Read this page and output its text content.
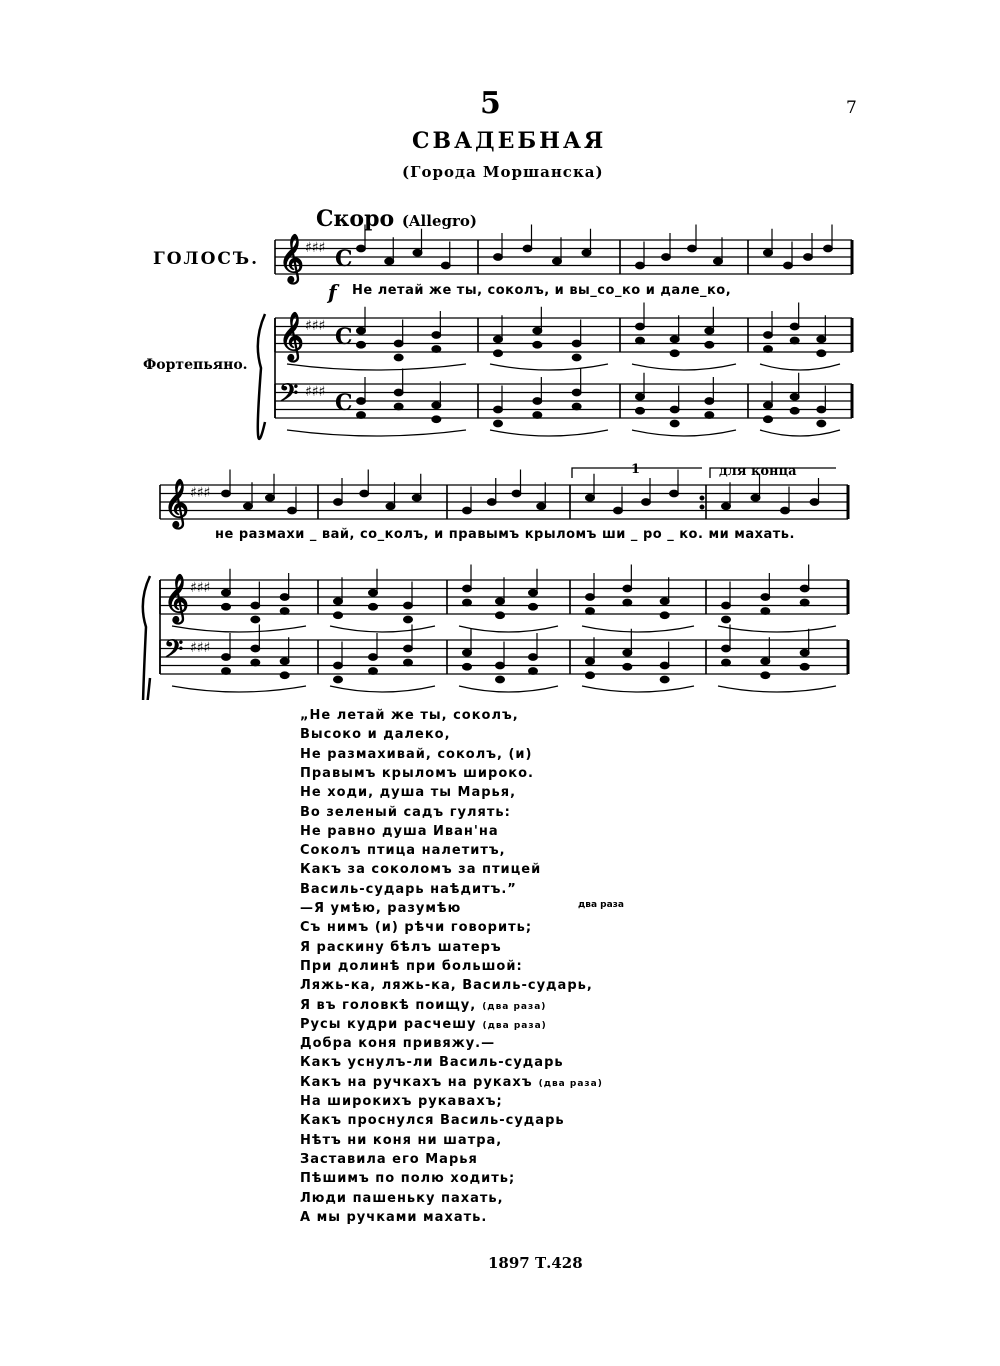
5	7
СВАДЕБНАЯ
(Города Моршанска)
Скоро (Allegro)
ГОЛОСЪ.
Фортепьяно.
𝄞 ♯♯♯ C
𝄞 ♯♯♯ C
𝄢 ♯♯♯ C
𝄞 ♯♯♯
𝄞 ♯♯♯
𝄢 ♯♯♯
f Не летай же ты, соколъ, и вы_со_ко и дале_ко,
не размахи _ вай, со_колъ, и правымъ крыломъ ши _ ро _ ко. ми махать.
1	для конца
„Не летай же ты, соколъ,
Высоко и далеко,
Не размахивай, соколъ, (и)
Правымъ крыломъ широко.
Не ходи, душа ты Марья,
Во зеленый садъ гулять:
Не равно душа Иван'на
Соколъ птица налетитъ,
Какъ за соколомъ за птицей
Василь-сударь наѣдитъ.”
—Я умѣю, разумѣю
Съ нимъ (и) рѣчи говорить;
Я раскину бѣлъ шатеръ
При долинѣ при большой:
Ляжь-ка, ляжь-ка, Василь-сударь,
Я въ головкѣ поищу, (два раза)
Русы кудри расчешу (два раза)
Добра коня привяжу.—
Какъ уснулъ-ли Василь-сударь
Какъ на ручкахъ на рукахъ (два раза)
На широкихъ рукавахъ;
Какъ проснулся Василь-сударь
Нѣтъ ни коня ни шатра,
Заставила его Марья
Пѣшимъ по полю ходить;
Люди пашеньку пахать,
А мы ручками махать.
два раза
1897 Т.428
